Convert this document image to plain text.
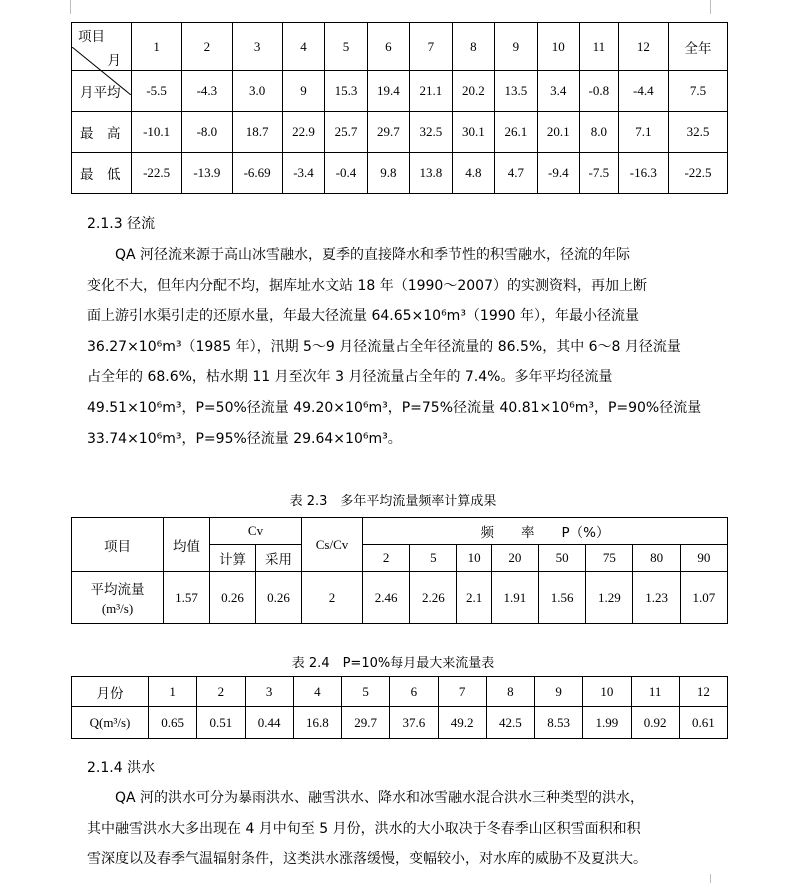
月
项目	1	2	3	4	5	6	7	8	9	10	11	12	全年
月平均	-5.5	-4.3	3.0	9	15.3	19.4	21.1	20.2	13.5	3.4	-0.8	-4.4	7.5
最　高	-10.1	-8.0	18.7	22.9	25.7	29.7	32.5	30.1	26.1	20.1	8.0	7.1	32.5
最　低	-22.5	-13.9	-6.69	-3.4	-0.4	9.8	13.8	4.8	4.7	-9.4	-7.5	-16.3	-22.5
2.1.3 径流

QA 河径流来源于高山冰雪融水，夏季的直接降水和季节性的积雪融水，径流的年际

变化不大，但年内分配不均，据库址水文站 18 年（1990～2007）的实测资料，再加上断

面上游引水渠引走的还原水量，年最大径流量 64.65×10⁶m³（1990 年），年最小径流量

36.27×10⁶m³（1985 年），汛期 5～9 月径流量占全年径流量的 86.5%，其中 6～8 月径流量

占全年的 68.6%，枯水期 11 月至次年 3 月径流量占全年的 7.4%。多年平均径流量

49.51×10⁶m³，P=50%径流量 49.20×10⁶m³，P=75%径流量 40.81×10⁶m³，P=90%径流量

33.74×10⁶m³，P=95%径流量 29.64×10⁶m³。

表 2.3　多年平均流量频率计算成果
项目	均值	Cv		Cs/Cv	频　　率　　P（%）							
		计算	采用		2	5	10	20	50	75	80	90

平均流量
(m³/s)	1.57	0.26	0.26	2	2.46	2.26	2.1	1.91	1.56	1.29	1.23	1.07
表 2.4　P=10%每月最大来流量表
月份	1	2	3	4	5	6	7	8	9	10	11	12
Q(m³/s)	0.65	0.51	0.44	16.8	29.7	37.6	49.2	42.5	8.53	1.99	0.92	0.61
2.1.4 洪水

QA 河的洪水可分为暴雨洪水、融雪洪水、降水和冰雪融水混合洪水三种类型的洪水，

其中融雪洪水大多出现在 4 月中旬至 5 月份，洪水的大小取决于冬春季山区积雪面积和积

雪深度以及春季气温辐射条件，这类洪水涨落缓慢，变幅较小，对水库的威胁不及夏洪大。
